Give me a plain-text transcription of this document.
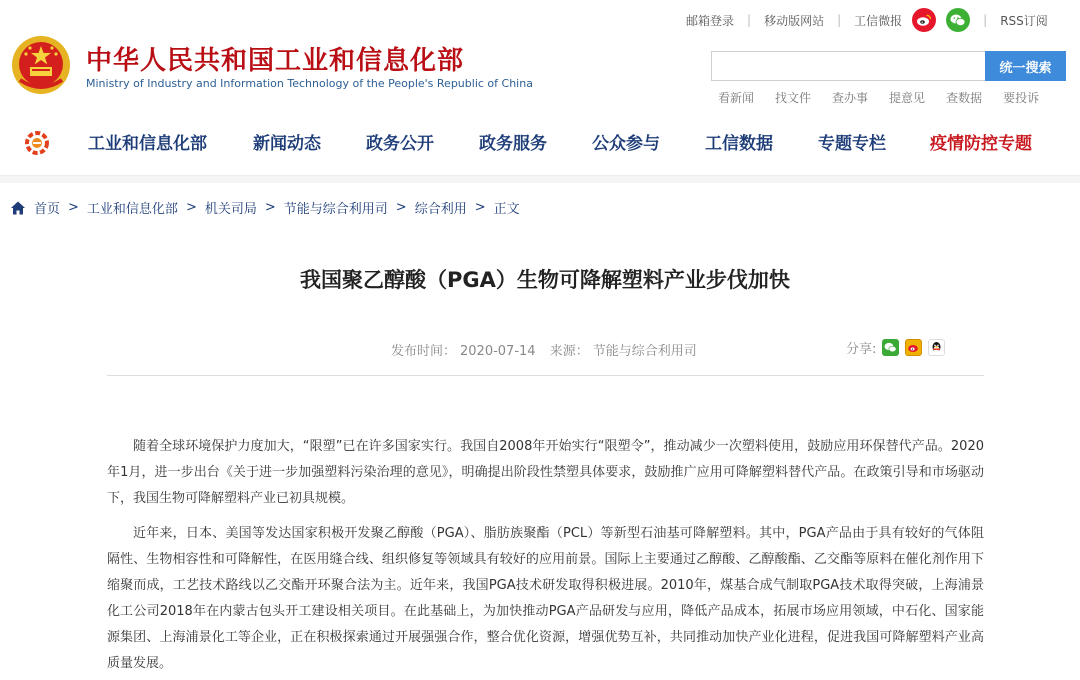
邮箱登录 | 移动版网站 | 工信微报	| RSS订阅
中华人民共和国工业和信息化部
Ministry of Industry and Information Technology of the People's Republic of China
统一搜索
看新闻 找文件 查办事 提意见 查数据 要投诉
工业和信息化部	新闻动态	政务公开	政务服务	公众参与	工信数据	专题专栏	疫情防控专题
首页 > 工业和信息化部 > 机关司局 > 节能与综合利用司 > 综合利用 > 正文
我国聚乙醇酸（PGA）生物可降解塑料产业步伐加快
发布时间： 2020-07-14 来源： 节能与综合利用司	分享:

随着全球环境保护力度加大，“限塑”已在许多国家实行。我国自2008年开始实行“限塑令”，推动减少一次塑料使用，鼓励应用环保替代产品。2020年1月，进一步出台《关于进一步加强塑料污染治理的意见》，明确提出阶段性禁塑具体要求，鼓励推广应用可降解塑料替代产品。在政策引导和市场驱动下，我国生物可降解塑料产业已初具规模。

近年来，日本、美国等发达国家积极开发聚乙醇酸（PGA）、脂肪族聚酯（PCL）等新型石油基可降解塑料。其中，PGA产品由于具有较好的气体阻隔性、生物相容性和可降解性，在医用缝合线、组织修复等领域具有较好的应用前景。国际上主要通过乙醇酸、乙醇酸酯、乙交酯等原料在催化剂作用下缩聚而成，工艺技术路线以乙交酯开环聚合法为主。近年来，我国PGA技术研发取得积极进展。2010年，煤基合成气制取PGA技术取得突破，上海浦景化工公司2018年在内蒙古包头开工建设相关项目。在此基础上，为加快推动PGA产品研发与应用，降低产品成本，拓展市场应用领域，中石化、国家能源集团、上海浦景化工等企业，正在积极探索通过开展强强合作，整合优化资源，增强优势互补，共同推动加快产业化进程，促进我国可降解塑料产业高质量发展。
